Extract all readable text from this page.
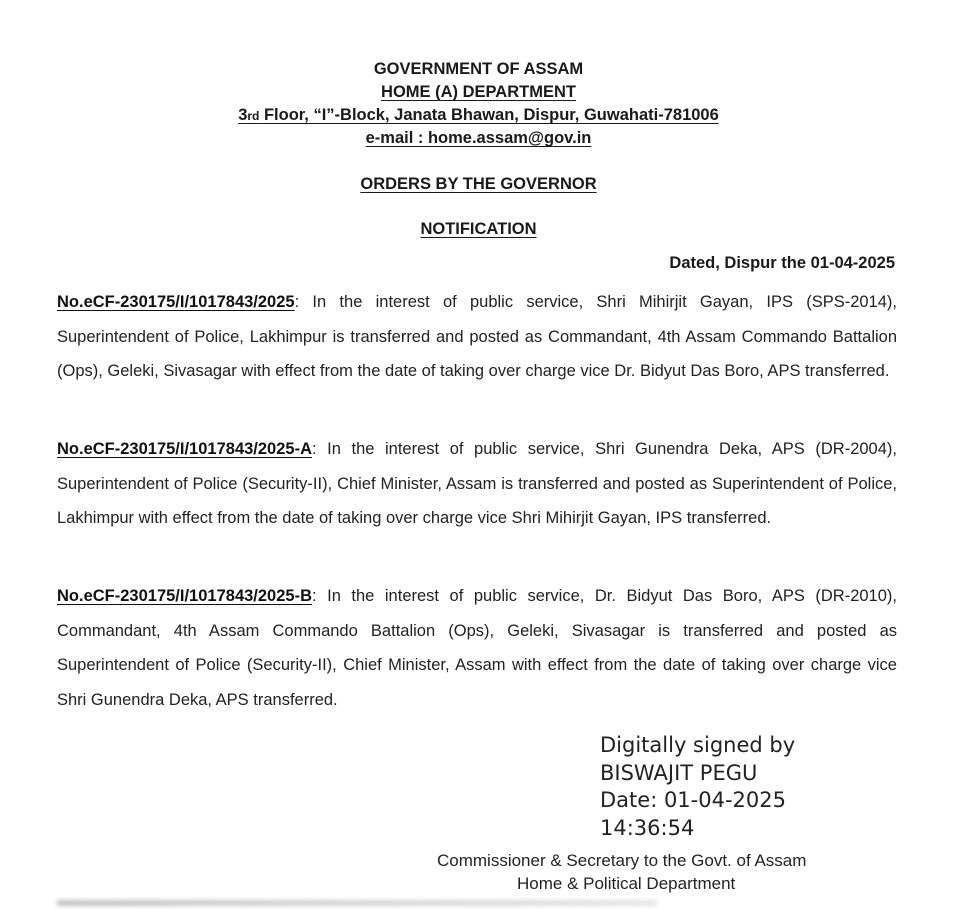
GOVERNMENT OF ASSAM
HOME (A) DEPARTMENT
3rd Floor, “I”-Block, Janata Bhawan, Dispur, Guwahati-781006
e-mail : home.assam@gov.in
ORDERS BY THE GOVERNOR
NOTIFICATION
Dated, Dispur the 01-04-2025
No.eCF-230175/I/1017843/2025: In the interest of public service, Shri Mihirjit Gayan, IPS (SPS-2014), Superintendent of Police, Lakhimpur is transferred and posted as Commandant, 4th Assam Commando Battalion (Ops), Geleki, Sivasagar with effect from the date of taking over charge vice Dr. Bidyut Das Boro, APS transferred.
No.eCF-230175/I/1017843/2025-A: In the interest of public service, Shri Gunendra Deka, APS (DR-2004), Superintendent of Police (Security-II), Chief Minister, Assam is transferred and posted as Superintendent of Police, Lakhimpur with effect from the date of taking over charge vice Shri Mihirjit Gayan, IPS transferred.
No.eCF-230175/I/1017843/2025-B: In the interest of public service, Dr. Bidyut Das Boro, APS (DR-2010), Commandant, 4th Assam Commando Battalion (Ops), Geleki, Sivasagar is transferred and posted as Superintendent of Police (Security-II), Chief Minister, Assam with effect from the date of taking over charge vice Shri Gunendra Deka, APS transferred.
Digitally signed by
BISWAJIT PEGU
Date: 01-04-2025
14:36:54
Commissioner & Secretary to the Govt. of Assam
Home & Political Department
